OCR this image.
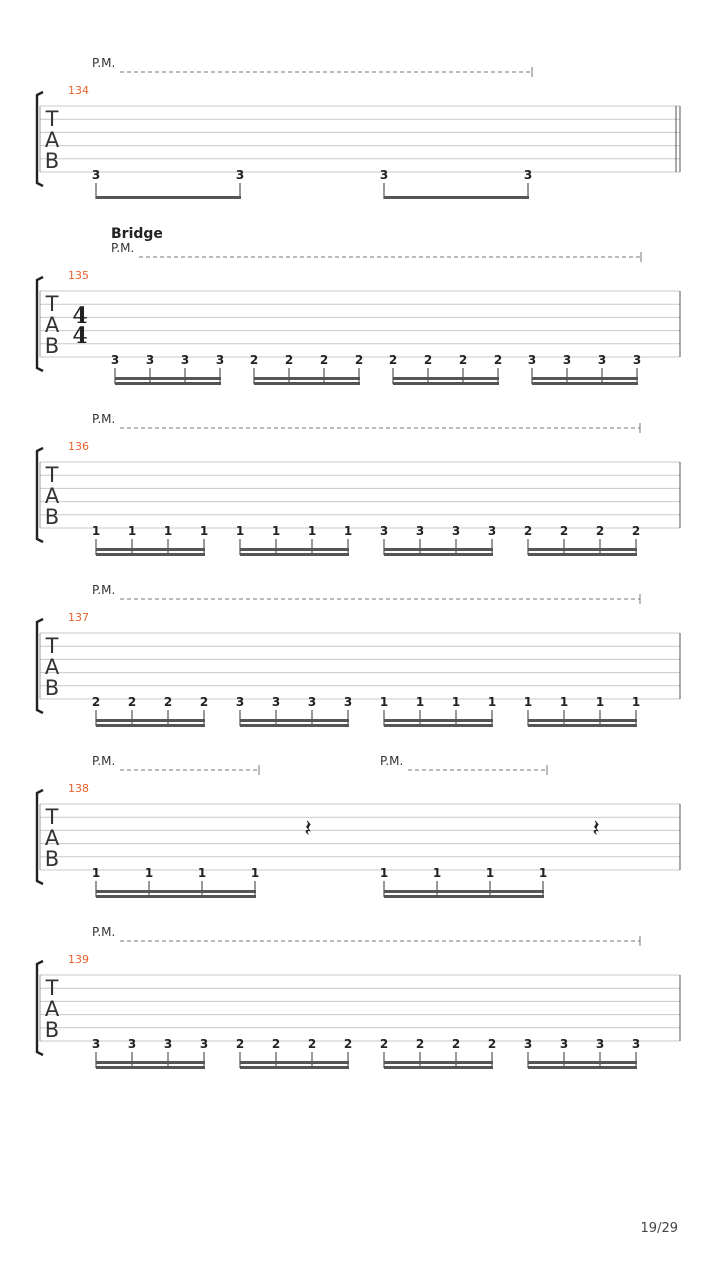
T
A
B
134
3	3	3	3
P.M.
T
A
B
135
Bridge
4
4
3 3 3 3 2 2 2 2 2 2 2 2 3 3 3 3
P.M.
T
A
B
136
1 1 1 1 1 1 1 1 3 3 3 3 2 2 2 2
P.M.
T
A
B
137
2 2 2 2 3 3 3 3 1 1 1 1 1 1 1 1
P.M.
T
A
B
138
1	1	1	1	1	1	1	1
𝄽	𝄽
P.M.	P.M.
T
A
B
139
3 3 3 3 2 2 2 2 2 2 2 2 3 3 3 3
P.M.
19/29
